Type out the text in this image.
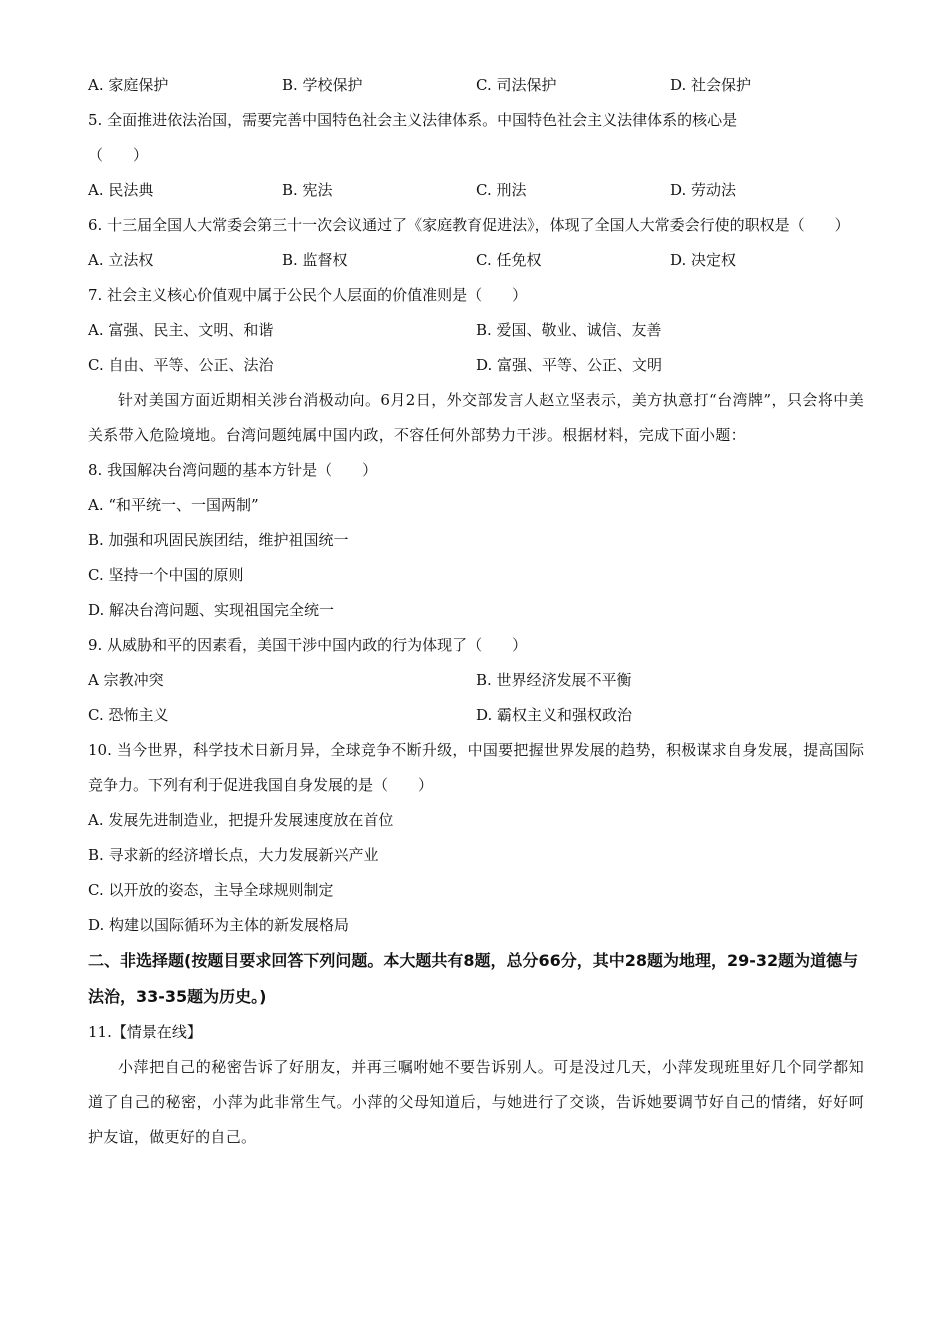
A. 家庭保护	B. 学校保护	C. 司法保护	D. 社会保护
5. 全面推进依法治国，需要完善中国特色社会主义法律体系。中国特色社会主义法律体系的核心是
（　　）
A. 民法典	B. 宪法	C. 刑法	D. 劳动法
6. 十三届全国人大常委会第三十一次会议通过了《家庭教育促进法》，体现了全国人大常委会行使的职权是（　　）
A. 立法权	B. 监督权	C. 任免权	D. 决定权
7. 社会主义核心价值观中属于公民个人层面的价值准则是（　　）
A. 富强、民主、文明、和谐	B. 爱国、敬业、诚信、友善
C. 自由、平等、公正、法治	D. 富强、平等、公正、文明
针对美国方面近期相关涉台消极动向。6月2日，外交部发言人赵立坚表示，美方执意打“台湾牌”，只会将中美关系带入危险境地。台湾问题纯属中国内政，不容任何外部势力干涉。根据材料，完成下面小题：
8. 我国解决台湾问题的基本方针是（　　）
A. “和平统一、一国两制”
B. 加强和巩固民族团结，维护祖国统一
C. 坚持一个中国的原则
D. 解决台湾问题、实现祖国完全统一
9. 从威胁和平的因素看，美国干涉中国内政的行为体现了（　　）
A 宗教冲突	B. 世界经济发展不平衡
C. 恐怖主义	D. 霸权主义和强权政治
10. 当今世界，科学技术日新月异，全球竞争不断升级，中国要把握世界发展的趋势，积极谋求自身发展，提高国际竞争力。下列有利于促进我国自身发展的是（　　）
A. 发展先进制造业，把提升发展速度放在首位
B. 寻求新的经济增长点，大力发展新兴产业
C. 以开放的姿态，主导全球规则制定
D. 构建以国际循环为主体的新发展格局
二、非选择题(按题目要求回答下列问题。本大题共有8题，总分66分，其中28题为地理，29-32题为道德与法治，33-35题为历史。)
11.【情景在线】
小萍把自己的秘密告诉了好朋友，并再三嘱咐她不要告诉别人。可是没过几天，小萍发现班里好几个同学都知道了自己的秘密，小萍为此非常生气。小萍的父母知道后，与她进行了交谈，告诉她要调节好自己的情绪，好好呵护友谊，做更好的自己。
